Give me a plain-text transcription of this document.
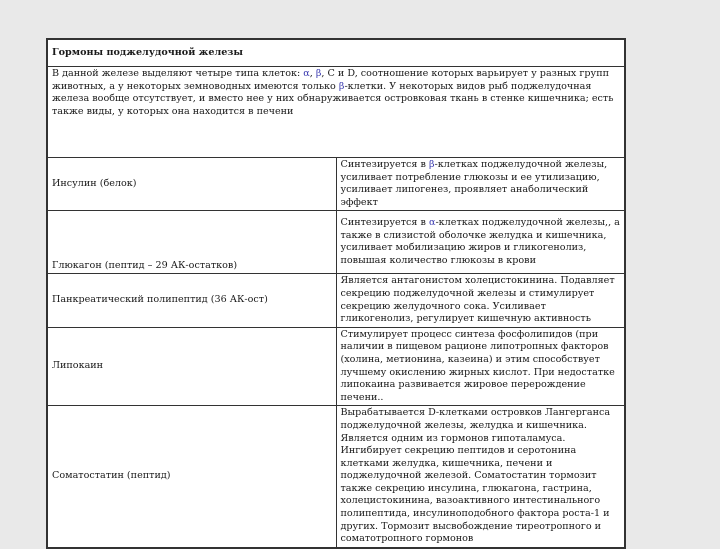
Гормоны поджелудочной железы	
В данной железе выделяют четыре типа клеток: α, β, C и D, соотношение которых варьирует у разных групп животных, а у некоторых земноводных имеются только β-клетки. У некоторых видов рыб поджелудочная железа вообще отсутствует, и вместо нее у них обнаруживается островковая ткань в стенке кишечника; есть также виды, у которых она находится в печени	
Инсулин (белок)	Синтезируется в β-клетках поджелудочной железы, усиливает потребление глюкозы и ее утилизацию, усиливает липогенез, проявляет анаболический эффект
Глюкагон (пептид – 29 АК-остатков)	Синтезируется в α-клетках поджелудочной железы,, а также в слизистой оболочке желудка и кишечника, усиливает мобилизацию жиров и гликогенолиз, повышая количество глюкозы в крови
Панкреатический полипептид (36 АК-ост)	Является антагонистом холецистокинина. Подавляет секрецию поджелудочной железы и стимулирует секрецию желудочного сока. Усиливает гликогенолиз, регулирует кишечную активность
Липокаин	Стимулирует процесс синтеза фосфолипидов (при наличии в пищевом рационе липотропных факторов (холина, метионина, казеина) и этим способствует лучшему окислению жирных кислот. При недостатке липокаина развивается жировое перерождение печени..
Соматостатин (пептид)	Вырабатывается D-клетками островков Лангерганса поджелудочной железы, желудка и кишечника. Является одним из гормонов гипоталамуса. Ингибирует секрецию пептидов и серотонина клетками желудка, кишечника, печени и поджелудочной железой. Соматостатин тормозит также секрецию инсулина, глюкагона, гастрина, холецистокинина, вазоактивного интестинального полипептида, инсулиноподобного фактора роста-1 и других. Тормозит высвобождение тиреотропного и соматотропного гормонов
